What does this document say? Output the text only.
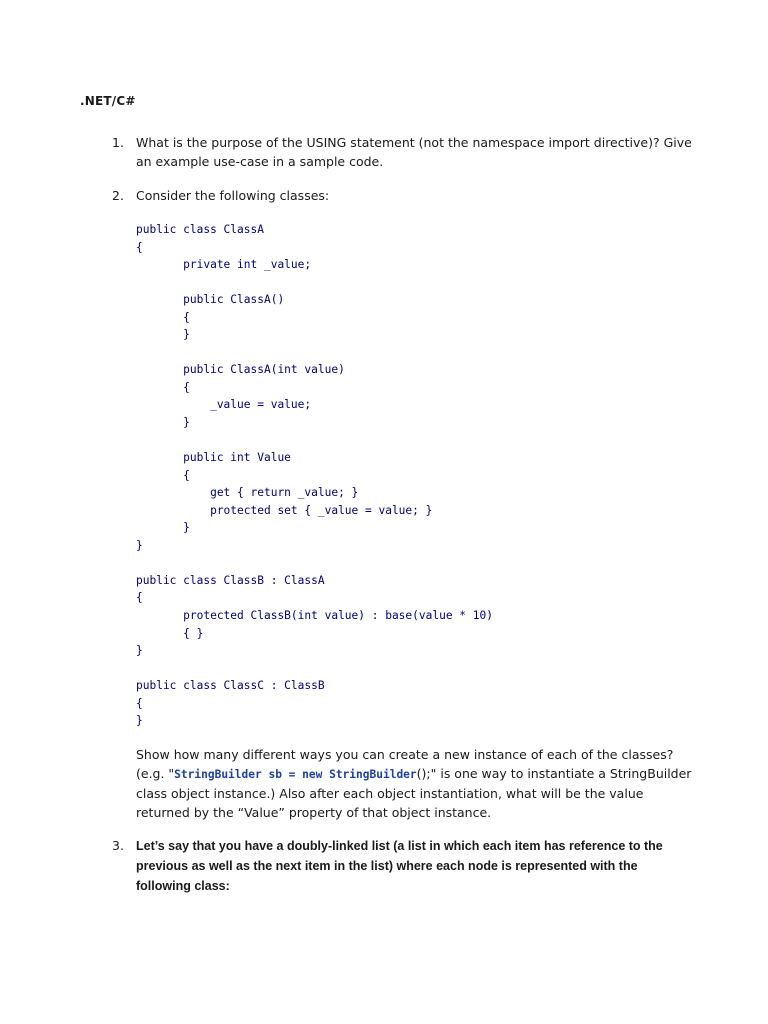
.NET/C#
1. What is the purpose of the USING statement (not the namespace import directive)? Give an example use-case in a sample code.
2. Consider the following classes:
public class ClassA
{
private int _value;

public ClassA()
{
}

public ClassA(int value)
{
_value = value;
}

public int Value
{
get { return _value; }
protected set { _value = value; }
}
}

public class ClassB : ClassA
{
protected ClassB(int value) : base(value * 10)
{ }
}

public class ClassC : ClassB
{
}
Show how many different ways you can create a new instance of each of the classes? (e.g. "StringBuilder sb = new StringBuilder();" is one way to instantiate a StringBuilder class object instance.) Also after each object instantiation, what will be the value returned by the “Value” property of that object instance.
3. Let’s say that you have a doubly-linked list (a list in which each item has reference to the previous as well as the next item in the list) where each node is represented with the following class:
